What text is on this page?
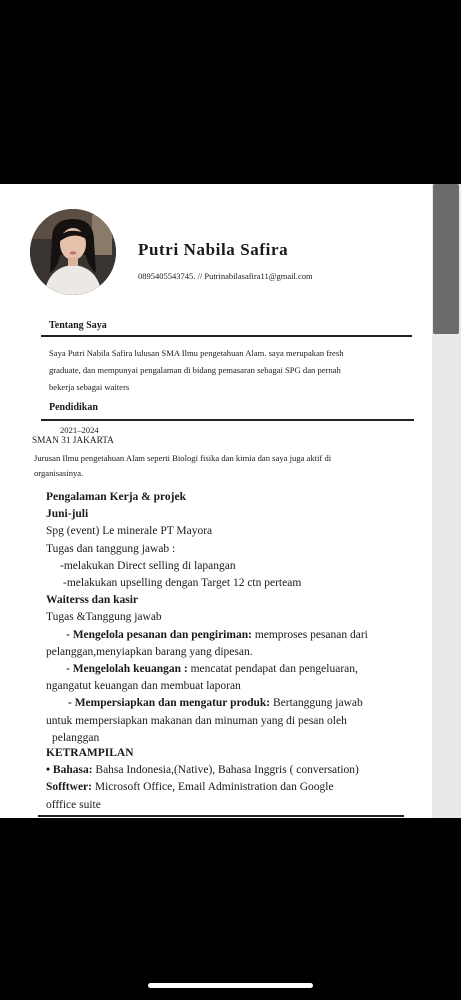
Putri Nabila Safira
0895405543745. // Putrinabilasafira11@gmail.com
Tentang Saya
Saya Putri Nabila Safira lulusan SMA Ilmu pengetahuan Alam. saya merupakan fresh
graduate, dan mempunyai pengalaman di bidang pemasaran sebagai SPG dan pernah
bekerja sebagai waiters
Pendidikan
2021–2024
SMAN 31 JAKARTA
Jurusan Ilmu pengetahuan Alam seperti Biologi fisika dan kimia dan saya juga aktif di
organisasinya.
Pengalaman Kerja & projek
Juni-juli
Spg (event) Le minerale PT Mayora
Tugas dan tanggung jawab :
-melakukan Direct selling di lapangan
-melakukan upselling dengan Target 12 ctn perteam
Waiterss dan kasir
Tugas &Tanggung jawab
- Mengelola pesanan dan pengiriman: memproses pesanan dari
pelanggan,menyiapkan barang yang dipesan.
- Mengelolah keuangan : mencatat pendapat dan pengeluaran,
ngangatut keuangan dan membuat laporan
- Mempersiapkan dan mengatur produk: Bertanggung jawab
untuk mempersiapkan makanan dan minuman yang di pesan oleh
pelanggan
KETRAMPILAN
• Bahasa: Bahsa Indonesia,(Native), Bahasa Inggris ( conversation)
Sofftwer: Microsoft Office, Email Administration dan Google
offfice suite
